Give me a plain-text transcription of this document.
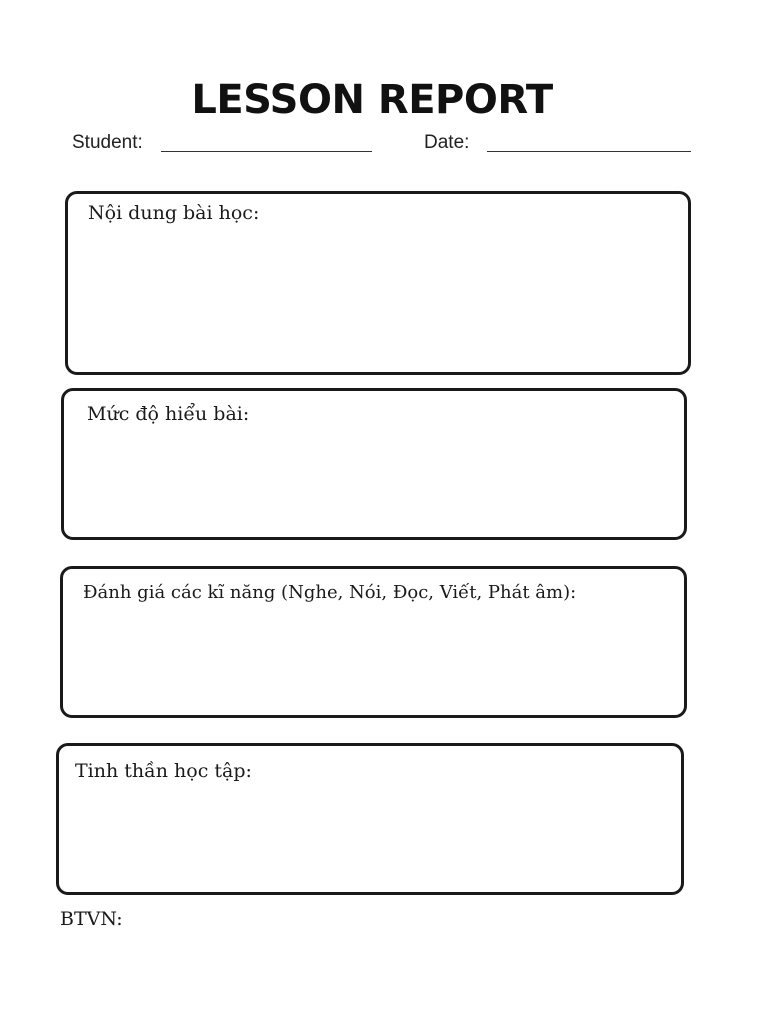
LESSON REPORT
Student:	Date:
Nội dung bài học:
Mức độ hiểu bài:
Đánh giá các kĩ năng (Nghe, Nói, Đọc, Viết, Phát âm):
Tinh thần học tập:
BTVN:
